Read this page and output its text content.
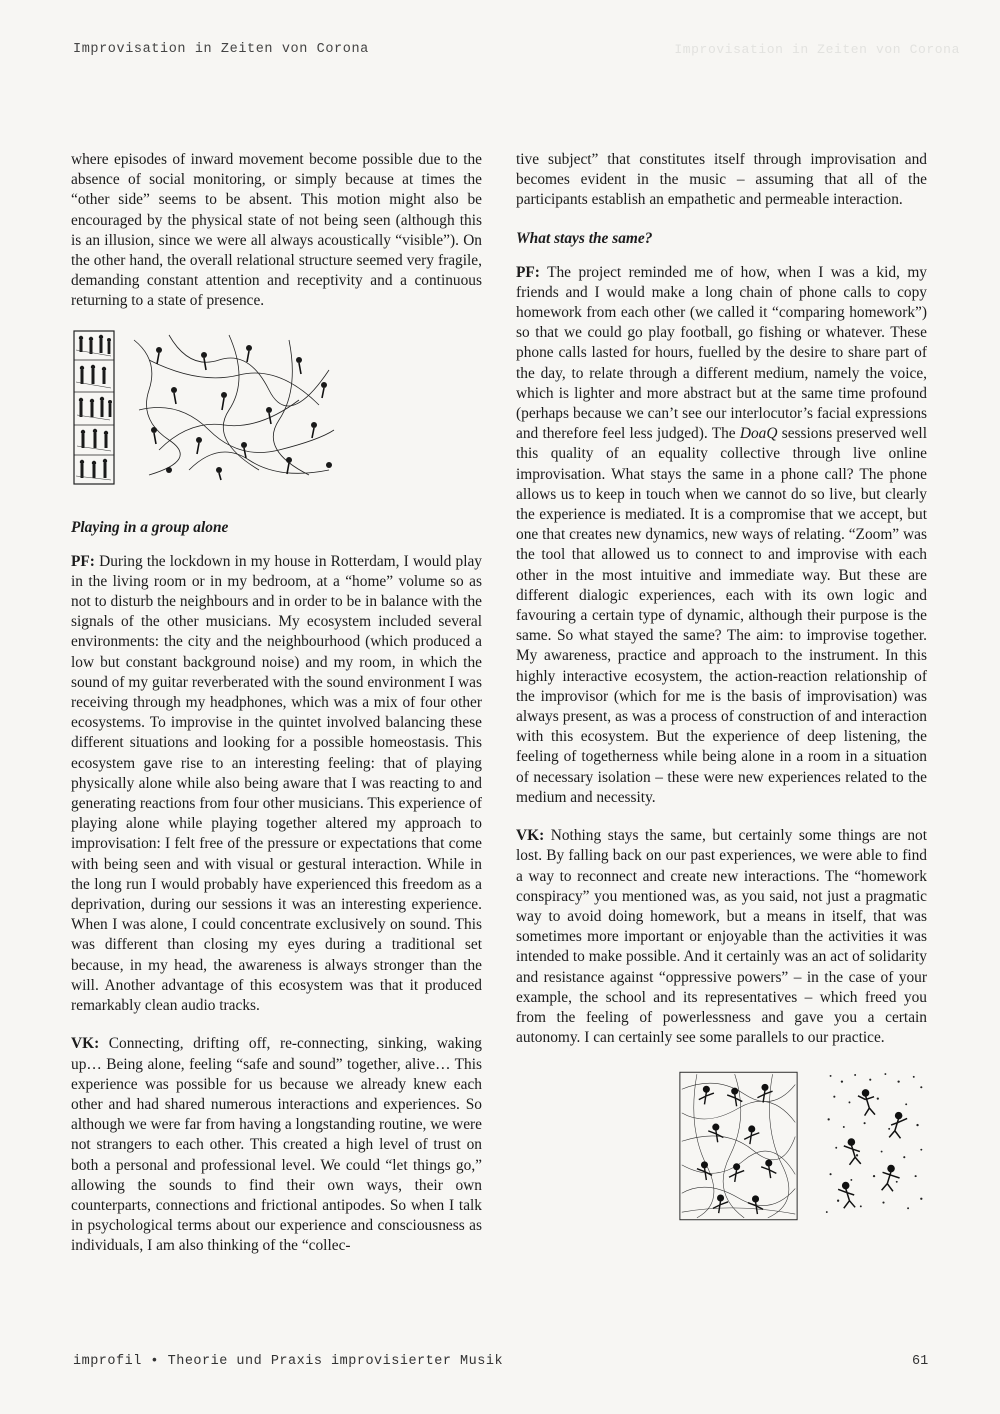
Improvisation in Zeiten von Corona	Improvisation in Zeiten von Corona

where episodes of inward movement become possible due to the absence of social monitoring, or simply because at times the “other side” seems to be absent. This motion might also be encouraged by the physical state of not being seen (although this is an illusion, since we were all always acoustically “visible”). On the other hand, the overall relational structure seemed very fragile, demanding constant attention and receptivity and a continuous returning to a state of presence.

Playing in a group alone

PF: During the lockdown in my house in Rotterdam, I would play in the living room or in my bedroom, at a “home” volume so as not to disturb the neighbours and in order to be in balance with the signals of the other musicians. My ecosystem included several environments: the city and the neighbourhood (which produced a low but constant background noise) and my room, in which the sound of my guitar reverberated with the sound environment I was receiving through my headphones, which was a mix of four other ecosystems. To improvise in the quintet involved balancing these different situations and looking for a possible homeostasis. This ecosystem gave rise to an interesting feeling: that of playing physically alone while also being aware that I was reacting to and generating reactions from four other musicians. This experience of playing alone while playing together altered my approach to improvisation: I felt free of the pressure or expectations that come with being seen and with visual or gestural interaction. While in the long run I would probably have experienced this freedom as a deprivation, during our sessions it was an interesting experience. When I was alone, I could concentrate exclusively on sound. This was different than closing my eyes during a traditional set because, in my head, the awareness is always stronger than the will. Another advantage of this ecosystem was that it produced remarkably clean audio tracks.

VK: Connecting, drifting off, re-connecting, sinking, waking up… Being alone, feeling “safe and sound” together, alive… This experience was possible for us because we already knew each other and had shared numerous interactions and experiences. So although we were far from having a longstanding routine, we were not strangers to each other. This created a high level of trust on both a personal and professional level. We could “let things go,” allowing the sounds to find their own ways, their own counterparts, connections and frictional antipodes. So when I talk in psychological terms about our experience and consciousness as individuals, I am also thinking of the “collec-

tive subject” that constitutes itself through improvisation and becomes evident in the music – assuming that all of the participants establish an empathetic and permeable interaction.

What stays the same?

PF: The project reminded me of how, when I was a kid, my friends and I would make a long chain of phone calls to copy homework from each other (we called it “comparing homework”) so that we could go play football, go fishing or whatever. These phone calls lasted for hours, fuelled by the desire to share part of the day, to relate through a different medium, namely the voice, which is lighter and more abstract but at the same time profound (perhaps because we can’t see our interlocutor’s facial expressions and therefore feel less judged). The DoaQ sessions preserved well this quality of an equality collective through live online improvisation. What stays the same in a phone call? The phone allows us to keep in touch when we cannot do so live, but clearly the experience is mediated. It is a compromise that we accept, but one that creates new dynamics, new ways of relating. “Zoom” was the tool that allowed us to connect to and improvise with each other in the most intuitive and immediate way. But these are different dialogic experiences, each with its own logic and favouring a certain type of dynamic, although their purpose is the same. So what stayed the same? The aim: to improvise together. My awareness, practice and approach to the instrument. In this highly interactive ecosystem, the action-reaction relationship of the improvisor (which for me is the basis of improvisation) was always present, as was a process of construction of and interaction with this ecosystem. But the experience of deep listening, the feeling of togetherness while being alone in a room in a situation of necessary isolation – these were new experiences related to the medium and necessity.

VK: Nothing stays the same, but certainly some things are not lost. By falling back on our past experiences, we were able to find a way to reconnect and create new interactions. The “homework conspiracy” you mentioned was, as you said, not just a pragmatic way to avoid doing homework, but a means in itself, that was sometimes more important or enjoyable than the activities it was intended to make possible. And it certainly was an act of solidarity and resistance against “oppressive powers” – in the case of your example, the school and its representatives – which freed you from the feeling of powerlessness and gave you a certain autonomy. I can certainly see some parallels to our practice.

improfil • Theorie und Praxis improvisierter Musik	61
